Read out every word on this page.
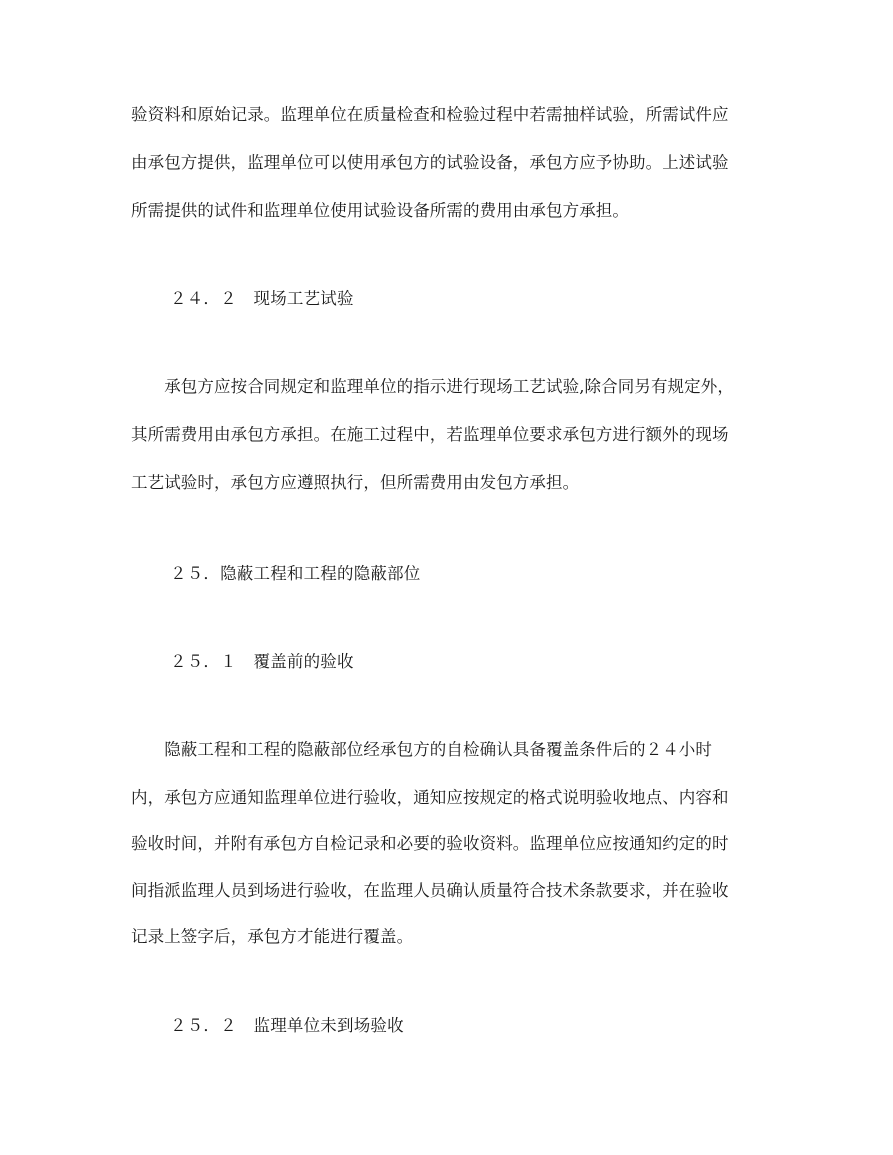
验资料和原始记录。监理单位在质量检查和检验过程中若需抽样试验，所需试件应
由承包方提供，监理单位可以使用承包方的试验设备，承包方应予协助。上述试验
所需提供的试件和监理单位使用试验设备所需的费用由承包方承担。
２４．２　现场工艺试验
　　承包方应按合同规定和监理单位的指示进行现场工艺试验,除合同另有规定外，
其所需费用由承包方承担。在施工过程中，若监理单位要求承包方进行额外的现场
工艺试验时，承包方应遵照执行，但所需费用由发包方承担。
２５．隐蔽工程和工程的隐蔽部位
２５．１　覆盖前的验收
　　隐蔽工程和工程的隐蔽部位经承包方的自检确认具备覆盖条件后的２４小时
内，承包方应通知监理单位进行验收，通知应按规定的格式说明验收地点、内容和
验收时间，并附有承包方自检记录和必要的验收资料。监理单位应按通知约定的时
间指派监理人员到场进行验收，在监理人员确认质量符合技术条款要求，并在验收
记录上签字后，承包方才能进行覆盖。
２５．２　监理单位未到场验收
